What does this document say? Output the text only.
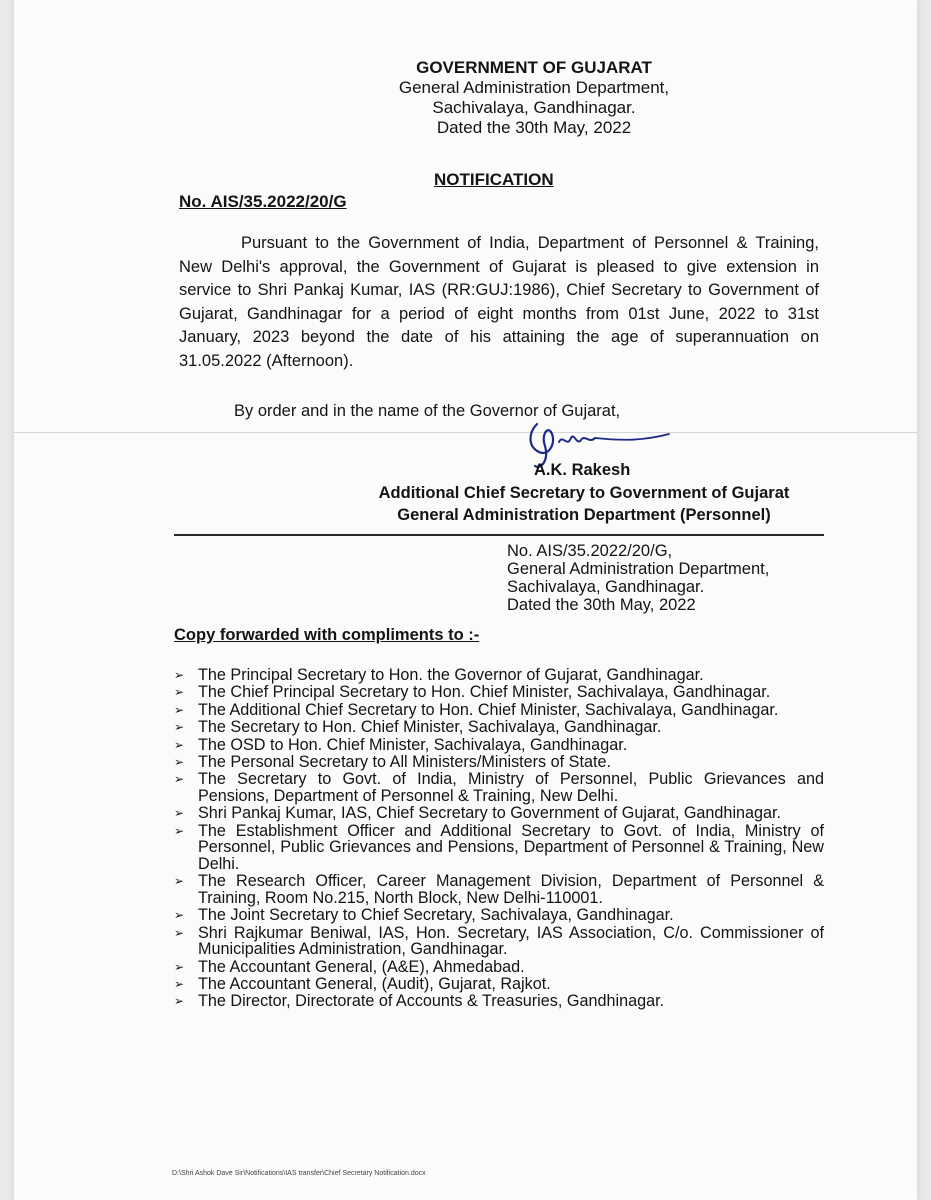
GOVERNMENT OF GUJARAT
General Administration Department,
Sachivalaya, Gandhinagar.
Dated the 30th May, 2022
NOTIFICATION
No. AIS/35.2022/20/G
Pursuant to the Government of India, Department of Personnel & Training, New Delhi's approval, the Government of Gujarat is pleased to give extension in service to Shri Pankaj Kumar, IAS (RR:GUJ:1986), Chief Secretary to Government of Gujarat, Gandhinagar for a period of eight months from 01st June, 2022 to 31st January, 2023 beyond the date of his attaining the age of superannuation on 31.05.2022 (Afternoon).
By order and in the name of the Governor of Gujarat,
A.K. Rakesh
Additional Chief Secretary to Government of Gujarat
General Administration Department (Personnel)
No. AIS/35.2022/20/G,
General Administration Department,
Sachivalaya, Gandhinagar.
Dated the 30th May, 2022
Copy forwarded with compliments to :-
➢ The Principal Secretary to Hon. the Governor of Gujarat, Gandhinagar.
➢ The Chief Principal Secretary to Hon. Chief Minister, Sachivalaya, Gandhinagar.
➢ The Additional Chief Secretary to Hon. Chief Minister, Sachivalaya, Gandhinagar.
➢ The Secretary to Hon. Chief Minister, Sachivalaya, Gandhinagar.
➢ The OSD to Hon. Chief Minister, Sachivalaya, Gandhinagar.
➢ The Personal Secretary to All Ministers/Ministers of State.
➢ The Secretary to Govt. of India, Ministry of Personnel, Public Grievances and Pensions, Department of Personnel & Training, New Delhi.
➢ Shri Pankaj Kumar, IAS, Chief Secretary to Government of Gujarat, Gandhinagar.
➢ The Establishment Officer and Additional Secretary to Govt. of India, Ministry of Personnel, Public Grievances and Pensions, Department of Personnel & Training, New Delhi.
➢ The Research Officer, Career Management Division, Department of Personnel & Training, Room No.215, North Block, New Delhi-110001.
➢ The Joint Secretary to Chief Secretary, Sachivalaya, Gandhinagar.
➢ Shri Rajkumar Beniwal, IAS, Hon. Secretary, IAS Association, C/o. Commissioner of Municipalities Administration, Gandhinagar.
➢ The Accountant General, (A&E), Ahmedabad.
➢ The Accountant General, (Audit), Gujarat, Rajkot.
➢ The Director, Directorate of Accounts & Treasuries, Gandhinagar.
D:\Shri Ashok Dave Sir\Notifications\IAS transfer\Chief Secretary Notification.docx
